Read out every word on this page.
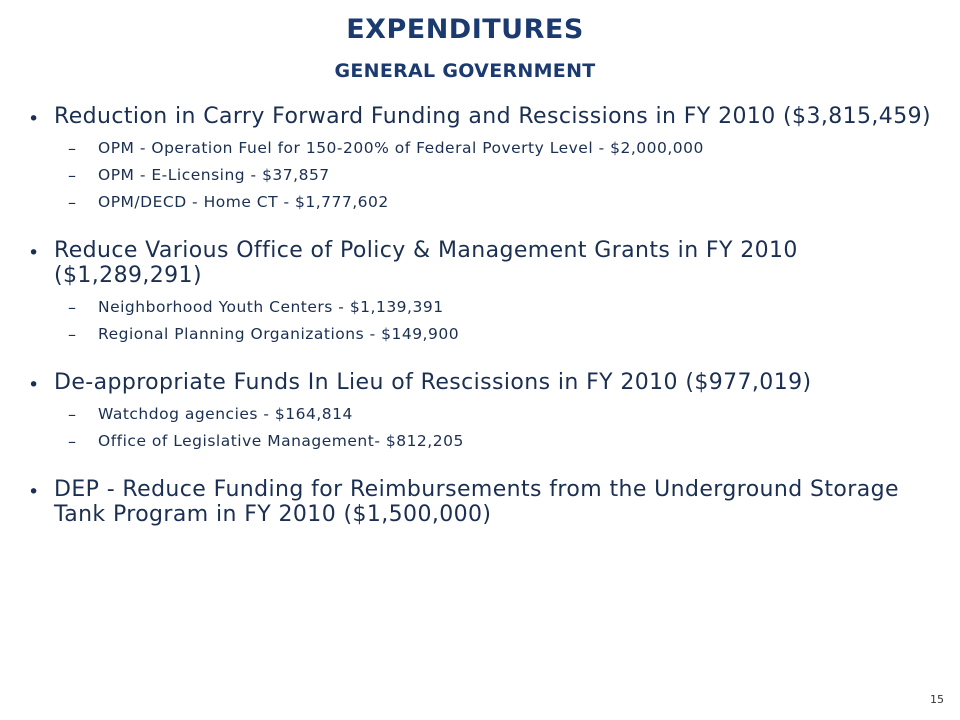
EXPENDITURES
GENERAL GOVERNMENT
• Reduction in Carry Forward Funding and Rescissions in FY 2010 ($3,815,459)
– OPM - Operation Fuel for 150-200% of Federal Poverty Level - $2,000,000
– OPM - E-Licensing - $37,857
– OPM/DECD - Home CT - $1,777,602
• Reduce Various Office of Policy & Management Grants in FY 2010 ($1,289,291)
– Neighborhood Youth Centers - $1,139,391
– Regional Planning Organizations - $149,900
• De-appropriate Funds In Lieu of Rescissions in FY 2010 ($977,019)
– Watchdog agencies - $164,814
– Office of Legislative Management- $812,205
• DEP - Reduce Funding for Reimbursements from the Underground Storage Tank Program in FY 2010 ($1,500,000)
15
